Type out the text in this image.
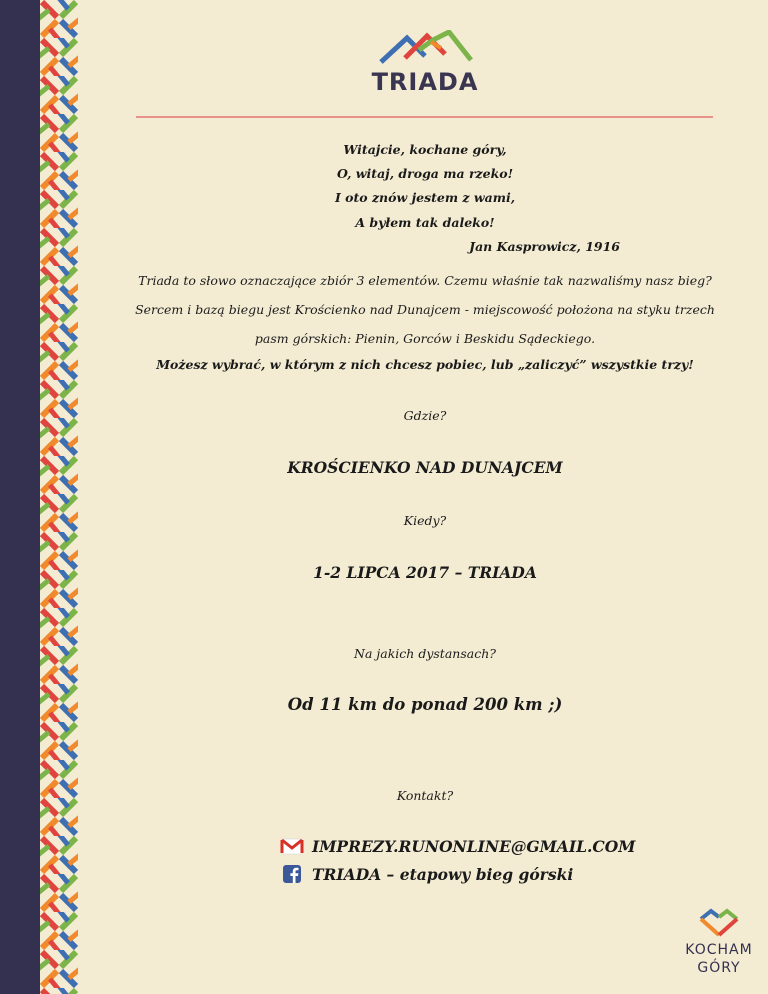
TRIADA
Witajcie, kochane góry,
O, witaj, droga ma rzeko!
I oto znów jestem z wami,
A byłem tak daleko!
Jan Kasprowicz, 1916
Triada to słowo oznaczające zbiór 3 elementów. Czemu właśnie tak nazwaliśmy nasz bieg?
Sercem i bazą biegu jest Krościenko nad Dunajcem - miejscowość położona na styku trzech
pasm górskich: Pienin, Gorców i Beskidu Sądeckiego.
Możesz wybrać, w którym z nich chcesz pobiec, lub „zaliczyć” wszystkie trzy!
Gdzie?
KROŚCIENKO NAD DUNAJCEM
Kiedy?
1-2 LIPCA 2017 – TRIADA
Na jakich dystansach?
Od 11 km do ponad 200 km ;)
Kontakt?
IMPREZY.RUNONLINE@GMAIL.COM
TRIADA – etapowy bieg górski
KOCHAM
GÓRY
